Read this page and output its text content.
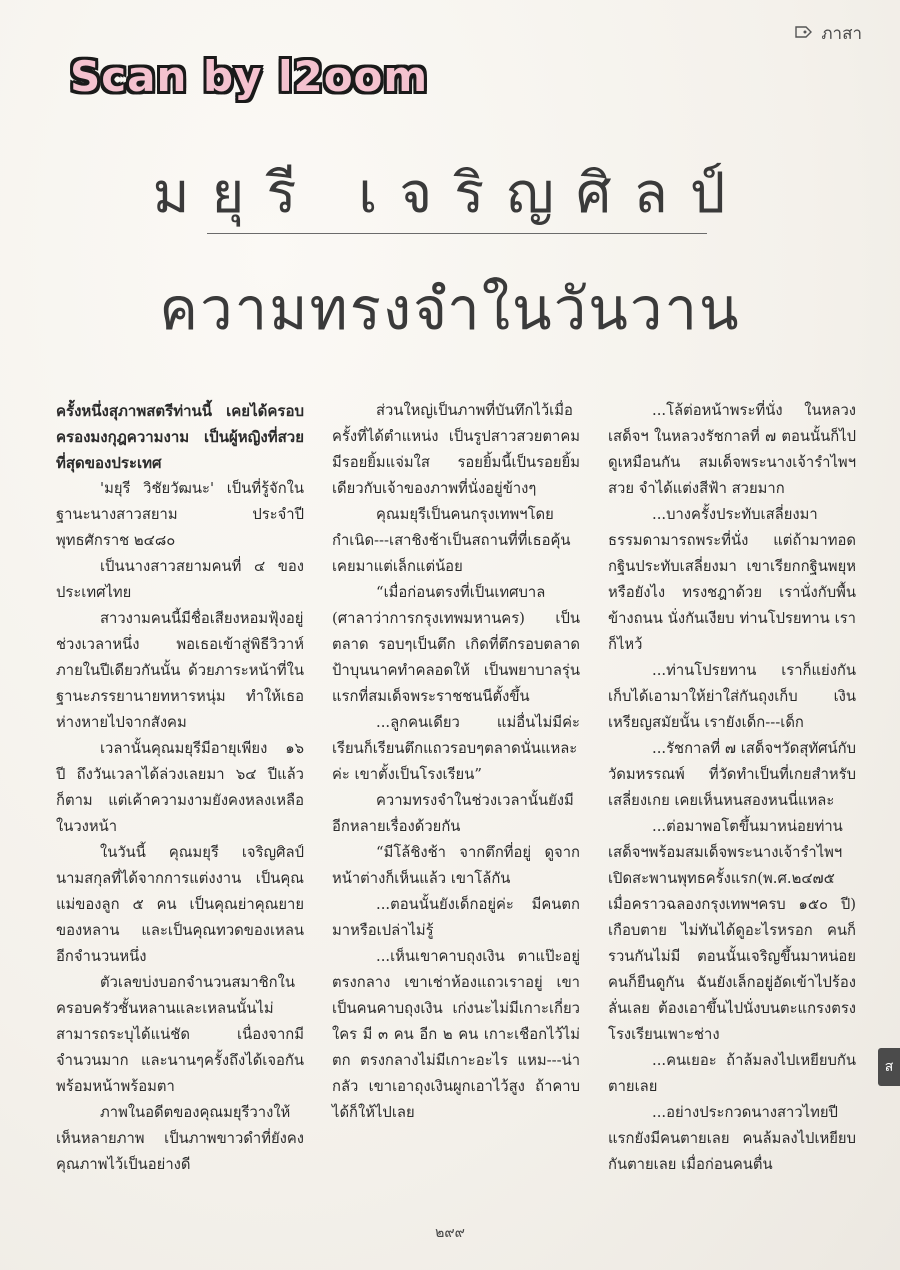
Scan by l2oom
ภาสา
มยุรี เจริญศิลป์
ความทรงจำในวันวาน

ครั้งหนึ่งสุภาพสตรีท่านนี้ เคยได้ครอบครองมงกุฎความงาม เป็นผู้หญิงที่สวยที่สุดของประเทศ

'มยุรี วิชัยวัฒนะ' เป็นที่รู้จักในฐานะนางสาวสยาม ประจำปีพุทธศักราช ๒๔๘๐

เป็นนางสาวสยามคนที่ ๔ ของประเทศไทย

สาวงามคนนี้มีชื่อเสียงหอมฟุ้งอยู่ช่วงเวลาหนึ่ง พอเธอเข้าสู่พิธีวิวาห์ภายในปีเดียวกันนั้น ด้วยภาระหน้าที่ในฐานะภรรยานายทหารหนุ่ม ทำให้เธอห่างหายไปจากสังคม

เวลานั้นคุณมยุรีมีอายุเพียง ๑๖ ปี ถึงวันเวลาได้ล่วงเลยมา ๖๔ ปีแล้วก็ตาม แต่เค้าความงามยังคงหลงเหลือในวงหน้า

ในวันนี้ คุณมยุรี เจริญศิลป์ นามสกุลที่ได้จากการแต่งงาน เป็นคุณแม่ของลูก ๕ คน เป็นคุณย่าคุณยายของหลาน และเป็นคุณทวดของเหลนอีกจำนวนหนึ่ง

ตัวเลขบ่งบอกจำนวนสมาชิกในครอบครัวชั้นหลานและเหลนนั้นไม่สามารถระบุได้แน่ชัด เนื่องจากมีจำนวนมาก และนานๆครั้งถึงได้เจอกันพร้อมหน้าพร้อมตา

ภาพในอดีตของคุณมยุรีวางให้เห็นหลายภาพ เป็นภาพขาวดำที่ยังคงคุณภาพไว้เป็นอย่างดี

ส่วนใหญ่เป็นภาพที่บันทึกไว้เมื่อครั้งที่ได้ตำแหน่ง เป็นรูปสาวสวยตาคม มีรอยยิ้มแจ่มใส รอยยิ้มนี้เป็นรอยยิ้มเดียวกับเจ้าของภาพที่นั่งอยู่ข้างๆ

คุณมยุรีเป็นคนกรุงเทพฯโดยกำเนิด---เสาชิงช้าเป็นสถานที่ที่เธอคุ้นเคยมาแต่เล็กแต่น้อย

“เมื่อก่อนตรงที่เป็นเทศบาล (ศาลาว่าการกรุงเทพมหานคร) เป็นตลาด รอบๆเป็นตึก เกิดที่ตึกรอบตลาด ป้าบุนนาคทำคลอดให้ เป็นพยาบาลรุ่นแรกที่สมเด็จพระราชชนนีตั้งขึ้น

...ลูกคนเดียว แม่อื่นไม่มีค่ะ เรียนก็เรียนตึกแถวรอบๆตลาดนั่นแหละค่ะ เขาตั้งเป็นโรงเรียน”

ความทรงจำในช่วงเวลานั้นยังมีอีกหลายเรื่องด้วยกัน

“มีโล้ชิงช้า จากตึกที่อยู่ ดูจากหน้าต่างก็เห็นแล้ว เขาโล้กัน

...ตอนนั้นยังเด็กอยู่ค่ะ มีคนตกมาหรือเปล่าไม่รู้

...เห็นเขาคาบถุงเงิน ตาแป๊ะอยู่ตรงกลาง เขาเช่าห้องแถวเราอยู่ เขาเป็นคนคาบถุงเงิน เก่งนะไม่มีเกาะเกี่ยวใคร มี ๓ คน อีก ๒ คน เกาะเชือกไว้ไม่ตก ตรงกลางไม่มีเกาะอะไร แหม---น่ากลัว เขาเอาถุงเงินผูกเอาไว้สูง ถ้าคาบได้ก็ให้ไปเลย

...โล้ต่อหน้าพระที่นั่ง ในหลวงเสด็จฯ ในหลวงรัชกาลที่ ๗ ตอนนั้นก็ไปดูเหมือนกัน สมเด็จพระนางเจ้ารำไพฯสวย จำได้แต่งสีฟ้า สวยมาก

...บางครั้งประทับเสลี่ยงมาธรรมดามารถพระที่นั่ง แต่ถ้ามาทอดกฐินประทับเสลี่ยงมา เขาเรียกกฐินพยุหหรือยังไง ทรงชฎาด้วย เรานั่งกับพื้นข้างถนน นั่งกันเงียบ ท่านโปรยทาน เราก็ไหว้

...ท่านโปรยทาน เราก็แย่งกันเก็บได้เอามาให้ย่าใส่กันถุงเก็บ เงินเหรียญสมัยนั้น เรายังเด็ก---เด็ก

...รัชกาลที่ ๗ เสด็จฯวัดสุทัศน์กับวัดมหรรณพ์ ที่วัดทำเป็นที่เกยสำหรับเสลี่ยงเกย เคยเห็นหนสองหนนี่แหละ

...ต่อมาพอโตขึ้นมาหน่อยท่านเสด็จฯพร้อมสมเด็จพระนางเจ้ารำไพฯเปิดสะพานพุทธครั้งแรก(พ.ศ.๒๔๗๕ เมื่อคราวฉลองกรุงเทพฯครบ ๑๕๐ ปี) เกือบตาย ไม่ทันได้ดูอะไรหรอก คนก็รวนกันไม่มี ตอนนั้นเจริญขึ้นมาหน่อย คนก็ยืนดูกัน ฉันยังเล็กอยู่อัดเข้าไปร้องลั่นเลย ต้องเอาขึ้นไปนั่งบนตะแกรงตรงโรงเรียนเพาะช่าง

...คนเยอะ ถ้าล้มลงไปเหยียบกันตายเลย

...อย่างประกวดนางสาวไทยปีแรกยังมีคนตายเลย คนล้มลงไปเหยียบกันตายเลย เมื่อก่อนคนตื่น

ส
๒๙๙
